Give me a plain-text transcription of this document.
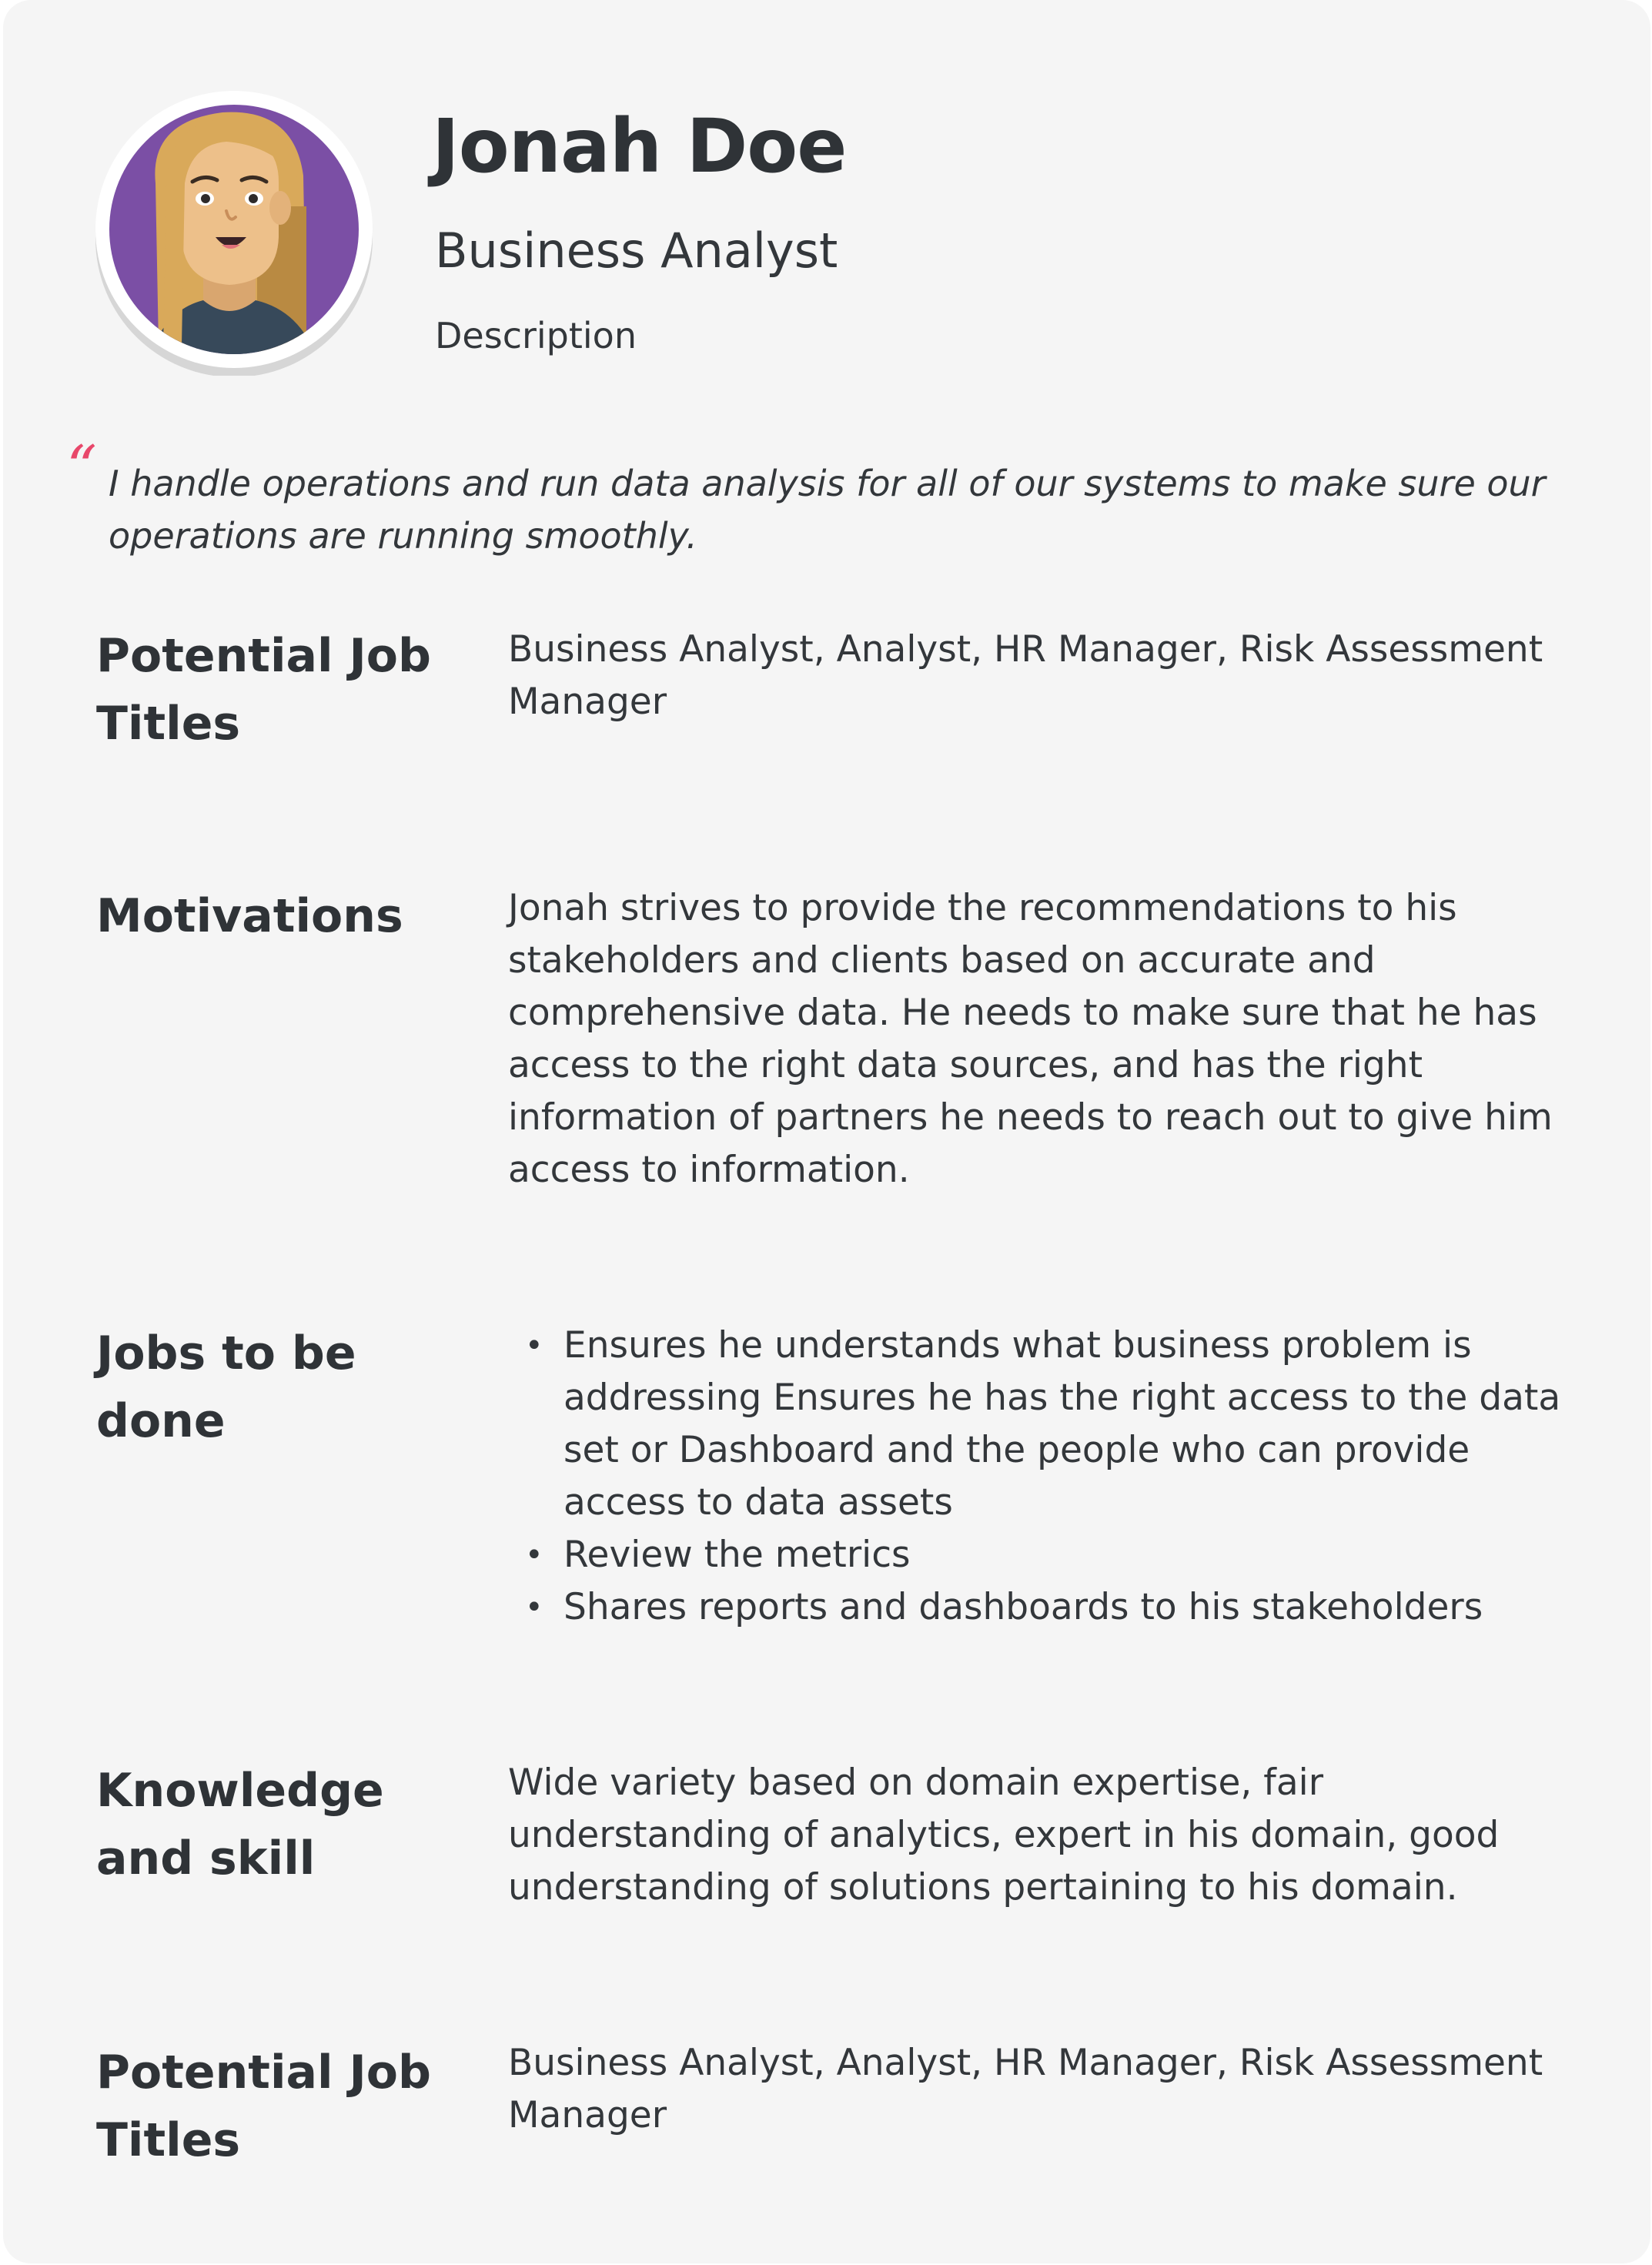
Jonah Doe
Business Analyst
Description
“ I handle operations and run data analysis for all of our systems to make sure our operations are running smoothly.
Potential Job Titles
Business Analyst, Analyst, HR Manager, Risk Assessment Manager
Motivations	Jonah strives to provide the recommendations to his stakeholders and clients based on accurate and comprehensive data. He needs to make sure that he has access to the right data sources, and has the right information of partners he needs to reach out to give him access to information.
Jobs to be done
• Ensures he understands what business problem is addressing Ensures he has the right access to the data set or Dashboard and the people who can provide access to data assets
• Review the metrics
• Shares reports and dashboards to his stakeholders
Knowledge and skill
Wide variety based on domain expertise, fair understanding of analytics, expert in his domain, good understanding of solutions pertaining to his domain.
Potential Job Titles
Business Analyst, Analyst, HR Manager, Risk Assessment Manager
